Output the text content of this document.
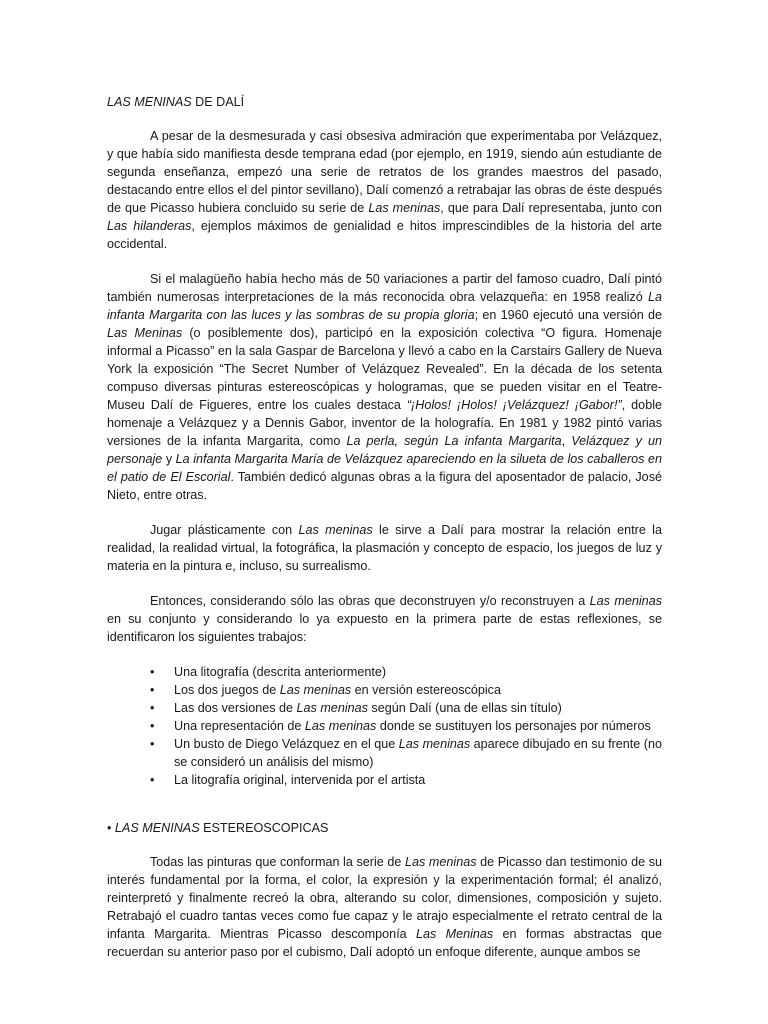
LAS MENINAS DE DALÍ

A pesar de la desmesurada y casi obsesiva admiración que experimentaba por Velázquez, y que había sido manifiesta desde temprana edad (por ejemplo, en 1919, siendo aún estudiante de segunda enseñanza, empezó una serie de retratos de los grandes maestros del pasado, destacando entre ellos el del pintor sevillano), Dalí comenzó a retrabajar las obras de éste después de que Picasso hubiera concluido su serie de Las meninas, que para Dalí representaba, junto con Las hilanderas, ejemplos máximos de genialidad e hitos imprescindibles de la historia del arte occidental.

Si el malagüeño había hecho más de 50 variaciones a partir del famoso cuadro, Dalí pintó también numerosas interpretaciones de la más reconocida obra velazqueña: en 1958 realizó La infanta Margarita con las luces y las sombras de su propia gloria; en 1960 ejecutó una versión de Las Meninas (o posiblemente dos), participó en la exposición colectiva “O figura. Homenaje informal a Picasso” en la sala Gaspar de Barcelona y llevó a cabo en la Carstairs Gallery de Nueva York la exposición “The Secret Number of Velázquez Revealed”. En la década de los setenta compuso diversas pinturas estereoscópicas y hologramas, que se pueden visitar en el Teatre-Museu Dalí de Figueres, entre los cuales destaca “¡Holos! ¡Holos! ¡Velázquez! ¡Gabor!”, doble homenaje a Velázquez y a Dennis Gabor, inventor de la holografía. En 1981 y 1982 pintó varias versiones de la infanta Margarita, como La perla, según La infanta Margarita, Velázquez y un personaje y La infanta Margarita María de Velázquez apareciendo en la silueta de los caballeros en el patio de El Escorial. También dedicó algunas obras a la figura del aposentador de palacio, José Nieto, entre otras.

Jugar plásticamente con Las meninas le sirve a Dalí para mostrar la relación entre la realidad, la realidad virtual, la fotográfica, la plasmación y concepto de espacio, los juegos de luz y materia en la pintura e, incluso, su surrealismo.

Entonces, considerando sólo las obras que deconstruyen y/o reconstruyen a Las meninas en su conjunto y considerando lo ya expuesto en la primera parte de estas reflexiones, se identificaron los siguientes trabajos:

• Una litografía (descrita anteriormente)
• Los dos juegos de Las meninas en versión estereoscópica
• Las dos versiones de Las meninas según Dalí (una de ellas sin título)
• Una representación de Las meninas donde se sustituyen los personajes por números
• Un busto de Diego Velázquez en el que Las meninas aparece dibujado en su frente (no se consideró un análisis del mismo)
• La litografía original, intervenida por el artista
• LAS MENINAS ESTEREOSCOPICAS

Todas las pinturas que conforman la serie de Las meninas de Picasso dan testimonio de su interés fundamental por la forma, el color, la expresión y la experimentación formal; él analizó, reinterpretó y finalmente recreó la obra, alterando su color, dimensiones, composición y sujeto. Retrabajó el cuadro tantas veces como fue capaz y le atrajo especialmente el retrato central de la infanta Margarita. Mientras Picasso descomponía Las Meninas en formas abstractas que recuerdan su anterior paso por el cubismo, Dalí adoptó un enfoque diferente, aunque ambos se
